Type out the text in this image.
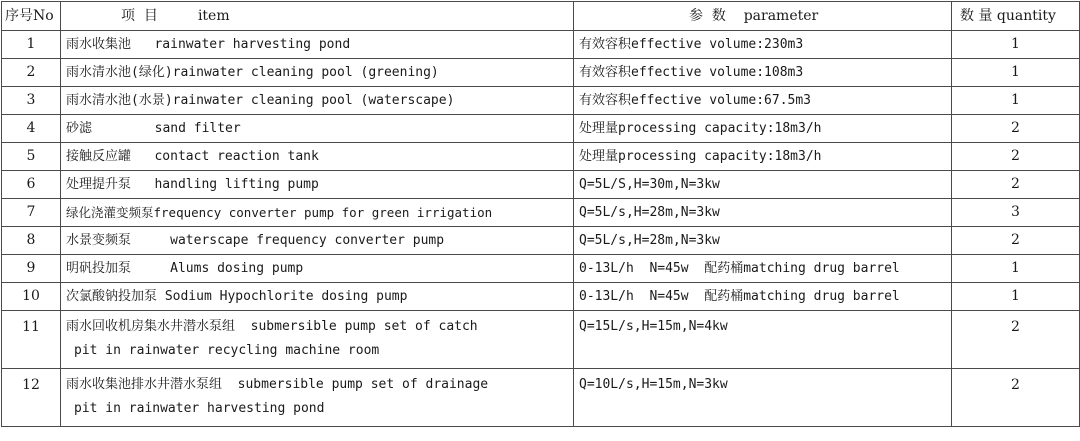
序号No	项  目         item	参  数    parameter	数 量 quantity
1	雨水收集池   rainwater harvesting pond	有效容积effective volume:230m3	1
2	雨水清水池(绿化)rainwater cleaning pool (greening)	有效容积effective volume:108m3	1
3	雨水清水池(水景)rainwater cleaning pool (waterscape)	有效容积effective volume:67.5m3	1
4	砂滤        sand filter	处理量processing capacity:18m3/h	2
5	接触反应罐   contact reaction tank	处理量processing capacity:18m3/h	2
6	处理提升泵   handling lifting pump	Q=5L/S,H=30m,N=3kw	2
7	绿化浇灌变频泵frequency converter pump for green irrigation	Q=5L/s,H=28m,N=3kw	3
8	水景变频泵     waterscape frequency converter pump	Q=5L/s,H=28m,N=3kw	2
9	明矾投加泵     Alums dosing pump	0-13L/h  N=45w  配药桶matching drug barrel	1
10	次氯酸钠投加泵 Sodium Hypochlorite dosing pump	0-13L/h  N=45w  配药桶matching drug barrel	1
11	雨水回收机房集水井潜水泵组  submersible pump set of catch
pit in rainwater recycling machine room	Q=15L/s,H=15m,N=4kw	2
12	雨水收集池排水井潜水泵组  submersible pump set of drainage
pit in rainwater harvesting pond	Q=10L/s,H=15m,N=3kw	2
